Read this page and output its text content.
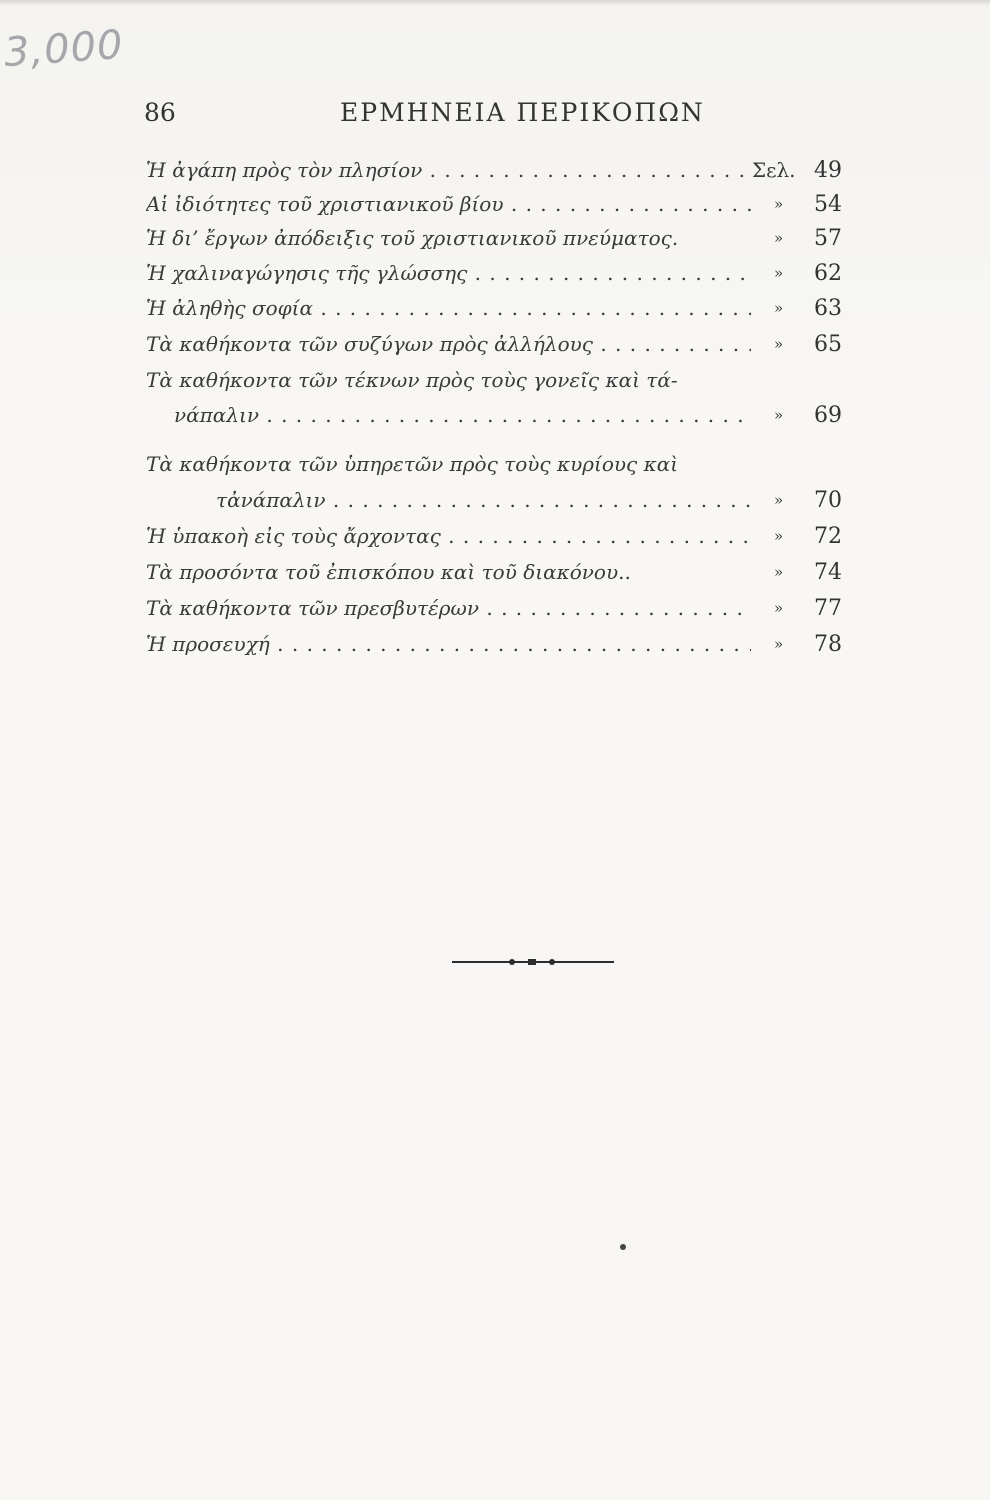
3,000
86	ΕΡΜΗΝΕΙΑ ΠΕΡΙΚΟΠΩΝ
Ἡ ἀγάπη πρὸς τὸν πλησίον . . .	Σελ. 49
Αἱ ἰδιότητες τοῦ χριστιανικοῦ βίου . . .	» 54
Ἡ δι’ ἔργων ἀπόδειξις τοῦ χριστιανικοῦ πνεύματος.	» 57
Ἡ χαλιναγώγησις τῆς γλώσσης . . .	» 62
Ἡ ἀληθὴς σοφία . . .	» 63
Τὰ καθήκοντα τῶν συζύγων πρὸς ἀλλήλους . . .	» 65
Τὰ καθήκοντα τῶν τέκνων πρὸς τοὺς γονεῖς καὶ τά-
νάπαλιν . . .	» 69
Τὰ καθήκοντα τῶν ὑπηρετῶν πρὸς τοὺς κυρίους καὶ
τἀνάπαλιν . . .	» 70
Ἡ ὑπακοὴ εἰς τοὺς ἄρχοντας . . .	» 72
Τὰ προσόντα τοῦ ἐπισκόπου καὶ τοῦ διακόνου..	» 74
Τὰ καθήκοντα τῶν πρεσβυτέρων . . .	» 77
Ἡ προσευχή . . .	» 78
